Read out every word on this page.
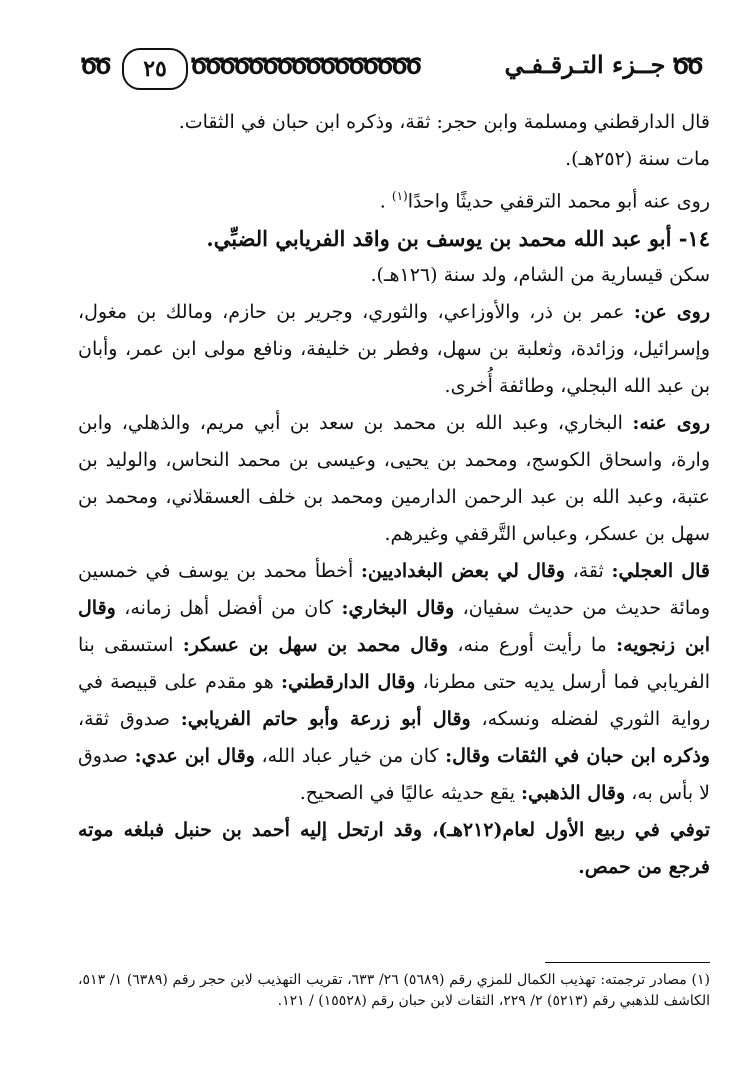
ԾԾ	٢٥	ԾԾԾԾԾԾԾԾԾԾԾԾԾԾԾԾ	جــزء التـرقـفـي ԾԾ

قال الدارقطني ومسلمة وابن حجر: ثقة، وذكره ابن حبان في الثقات.

مات سنة (٢٥٢هـ).

روى عنه أبو محمد الترقفي حديثًا واحدًا$^{(١)}$ .

١٤- أبو عبد الله محمد بن يوسف بن واقد الفريابي الضبِّي.

سكن قيسارية من الشام، ولد سنة (١٢٦هـ).

روى عن: عمر بن ذر، والأوزاعي، والثوري، وجرير بن حازم، ومالك بن مغول، وإسرائيل، وزائدة، وثعلبة بن سهل، وفطر بن خليفة، ونافع مولى ابن عمر، وأبان بن عبد الله البجلي، وطائفة أُخرى.

روى عنه: البخاري، وعبد الله بن محمد بن سعد بن أبي مريم، والذهلي، وابن وارة، واسحاق الكوسج، ومحمد بن يحيى، وعيسى بن محمد النحاس، والوليد بن عتبة، وعبد الله بن عبد الرحمن الدارمين ومحمد بن خلف العسقلاني، ومحمد بن سهل بن عسكر، وعباس التَّرقفي وغيرهم.

قال العجلي: ثقة، وقال لي بعض البغداديين: أخطأ محمد بن يوسف في خمسين ومائة حديث من حديث سفيان، وقال البخاري: كان من أفضل أهل زمانه، وقال ابن زنجويه: ما رأيت أورع منه، وقال محمد بن سهل بن عسكر: استسقى بنا الفريابي فما أرسل يديه حتى مطرنا، وقال الدارقطني: هو مقدم على قبيصة في رواية الثوري لفضله ونسكه، وقال أبو زرعة وأبو حاتم الفريابي: صدوق ثقة، وذكره ابن حبان في الثقات وقال: كان من خيار عباد الله، وقال ابن عدي: صدوق لا بأس به، وقال الذهبي: يقع حديثه عاليًا في الصحيح.

توفي في ربيع الأول لعام(٢١٢هـ)، وقد ارتحل إليه أحمد بن حنبل فبلغه موته فرجع من حمص.

(١) مصادر ترجمته: تهذيب الكمال للمزي رقم (٥٦٨٩) ٢٦/ ٦٣٣، تقريب التهذيب لابن حجر رقم (٦٣٨٩) ١/ ٥١٣، الكاشف للذهبي رقم (٥٢١٣) ٢/ ٢٢٩، الثقات لابن حبان رقم (١٥٥٢٨) / ١٢١.
